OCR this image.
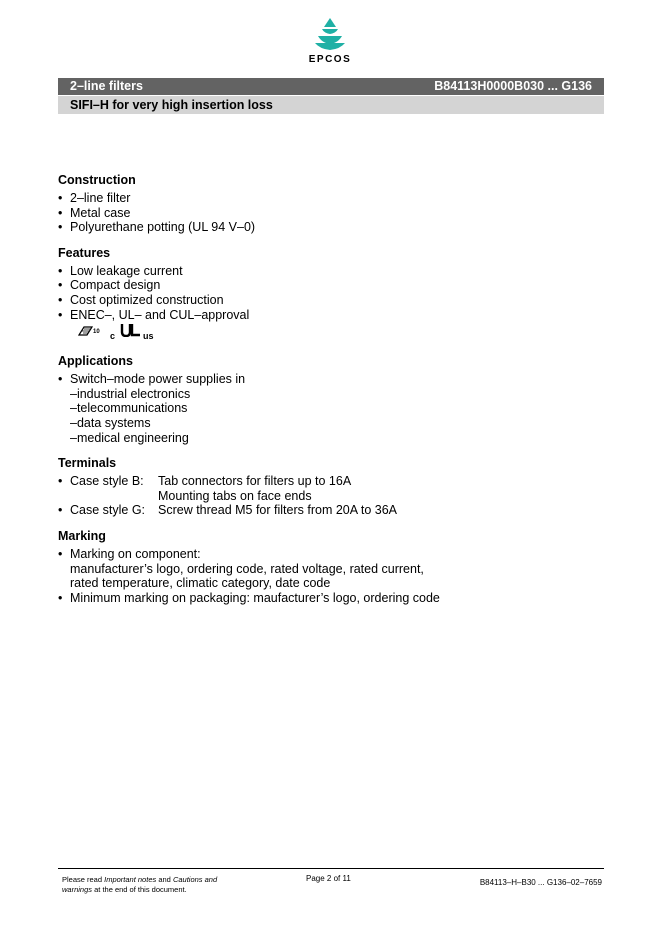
EPCOS
2–line filters	B84113H0000B030 ... G136
SIFI–H for very high insertion loss
Construction
• 2–line filter
• Metal case
• Polyurethane potting (UL 94 V–0)
Features
• Low leakage current
• Compact design
• Cost optimized construction
• ENEC–, UL– and CUL–approval
10 c	us
Applications
• Switch–mode power supplies in
–industrial electronics
–telecommunications
–data systems
–medical engineering
Terminals
• Case style B: Tab connectors for filters up to 16A
Mounting tabs on face ends
• Case style G: Screw thread M5 for filters from 20A to 36A
Marking
• Marking on component:
manufacturer’s logo, ordering code, rated voltage, rated current,
rated temperature, climatic category, date code
• Minimum marking on packaging: maufacturer’s logo, ordering code
Please read Important notes and Cautions and
warnings at the end of this document.
Page 2 of 11	B84113–H–B30 ... G136–02–7659
